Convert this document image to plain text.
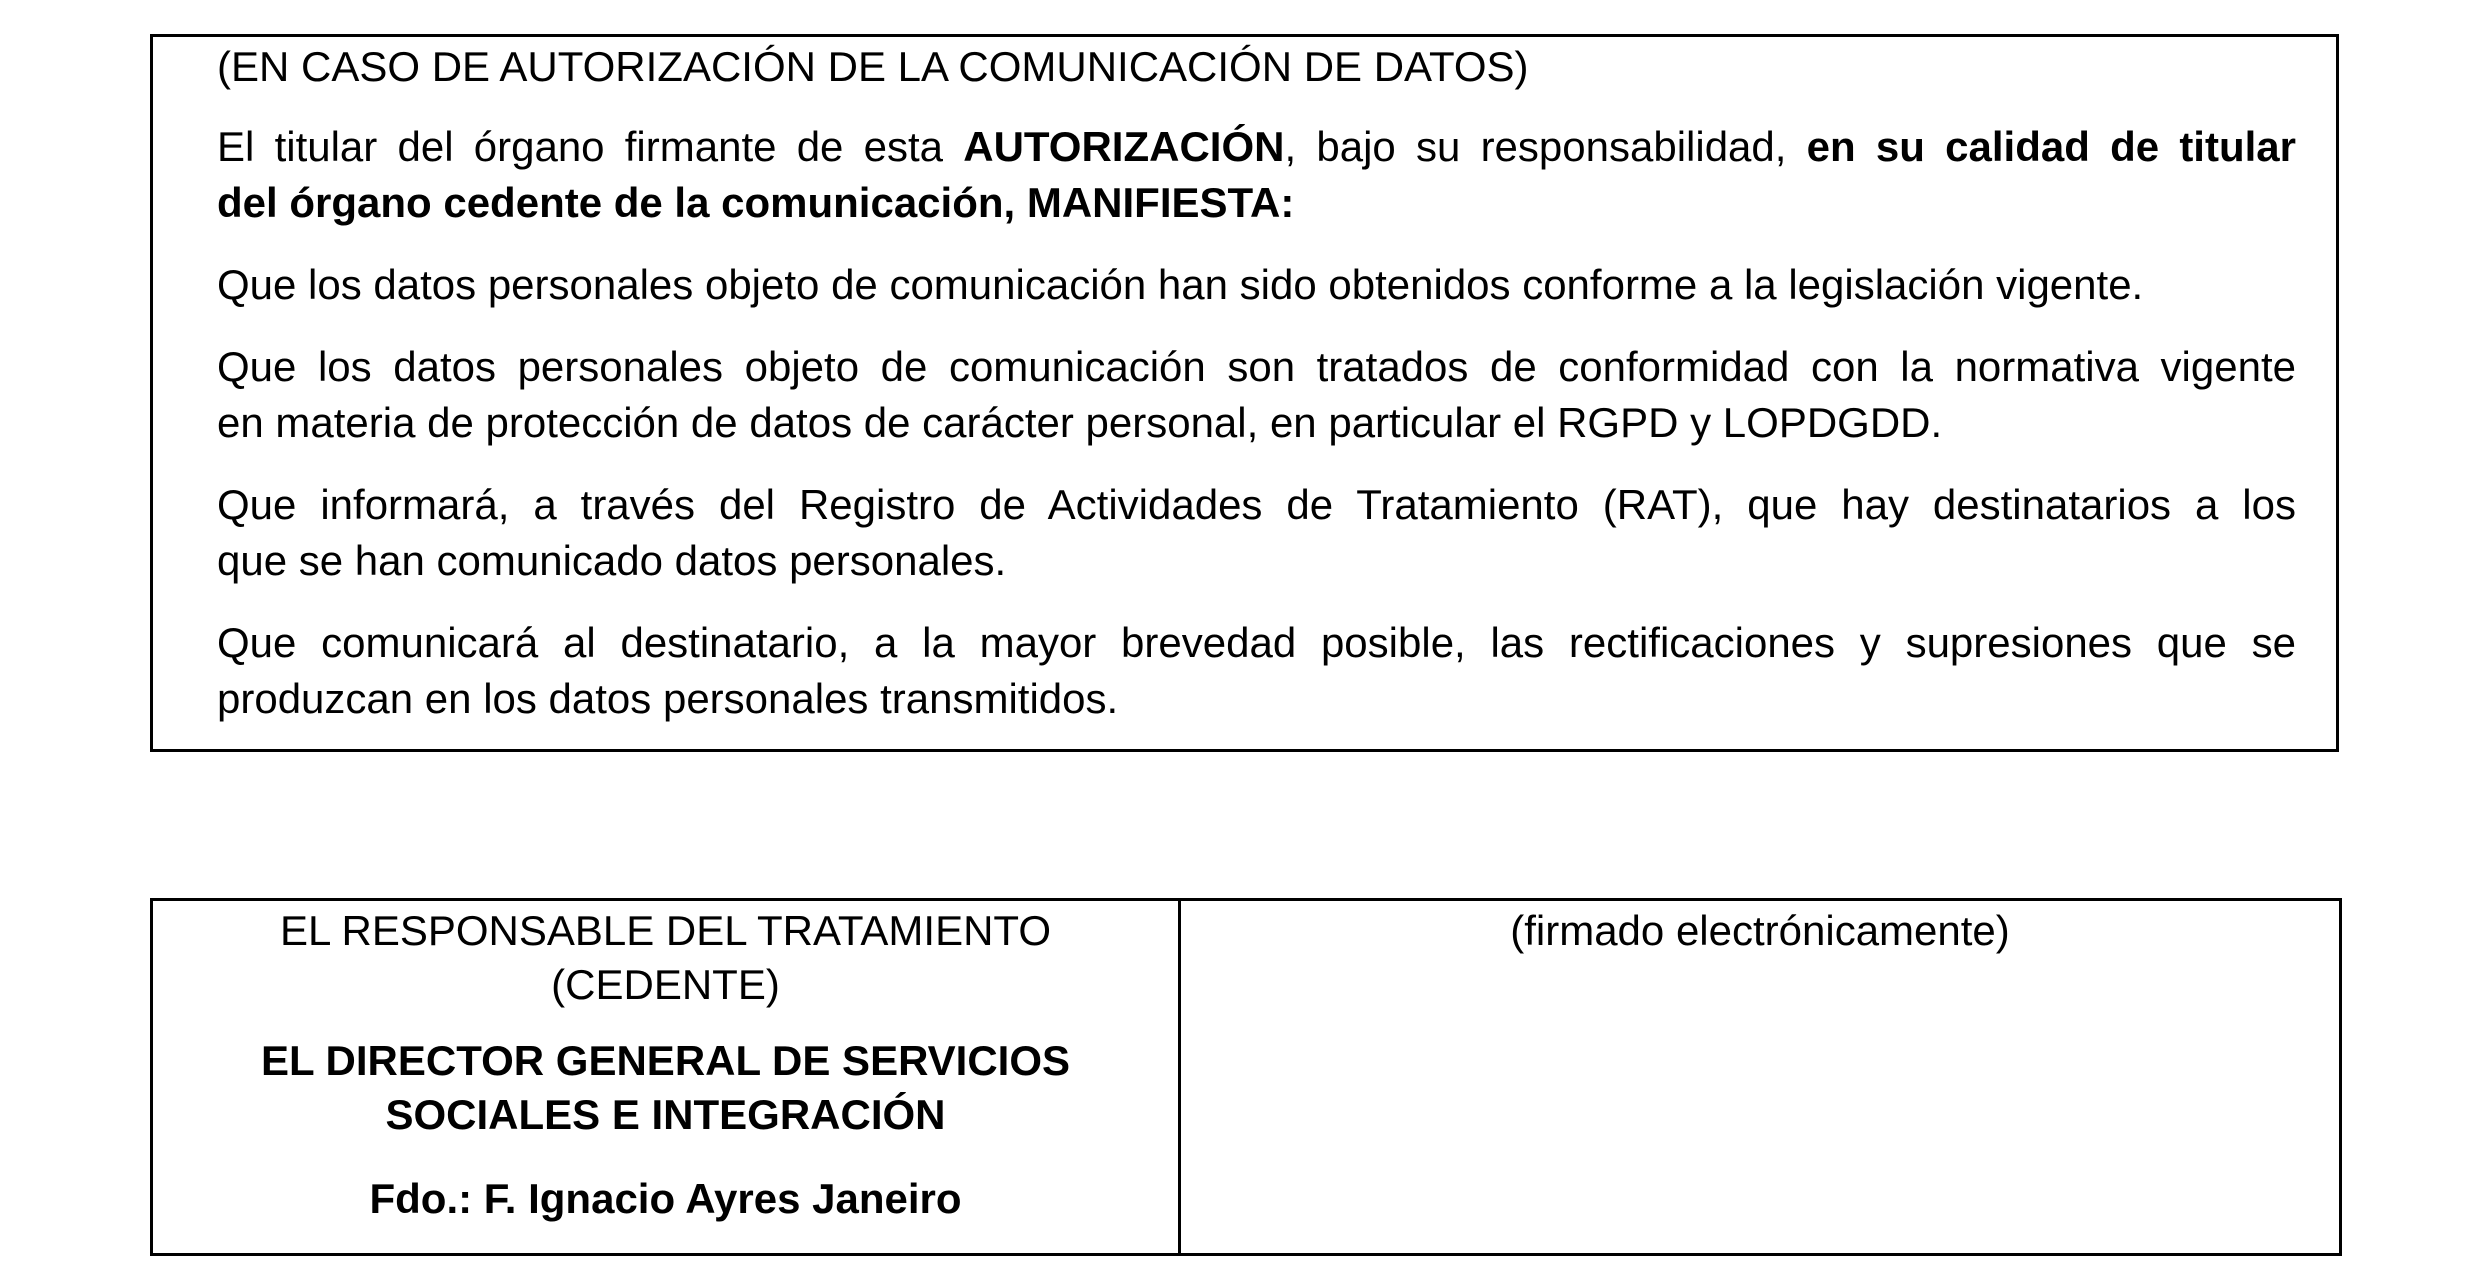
(EN CASO DE AUTORIZACIÓN DE LA COMUNICACIÓN DE DATOS)

El titular del órgano firmante de esta AUTORIZACIÓN, bajo su responsabilidad, en su calidad de titular

del órgano cedente de la comunicación, MANIFIESTA:

Que los datos personales objeto de comunicación han sido obtenidos conforme a la legislación vigente.

Que los datos personales objeto de comunicación son tratados de conformidad con la normativa vigente

en materia de protección de datos de carácter personal, en particular el RGPD y LOPDGDD.

Que informará, a través del Registro de Actividades de Tratamiento (RAT), que hay destinatarios a los

que se han comunicado datos personales.

Que comunicará al destinatario, a la mayor brevedad posible, las rectificaciones y supresiones que se

produzcan en los datos personales transmitidos.

EL RESPONSABLE DEL TRATAMIENTO

(CEDENTE)

EL DIRECTOR GENERAL DE SERVICIOS

SOCIALES E INTEGRACIÓN

Fdo.: F. Ignacio Ayres Janeiro

(firmado electrónicamente)
